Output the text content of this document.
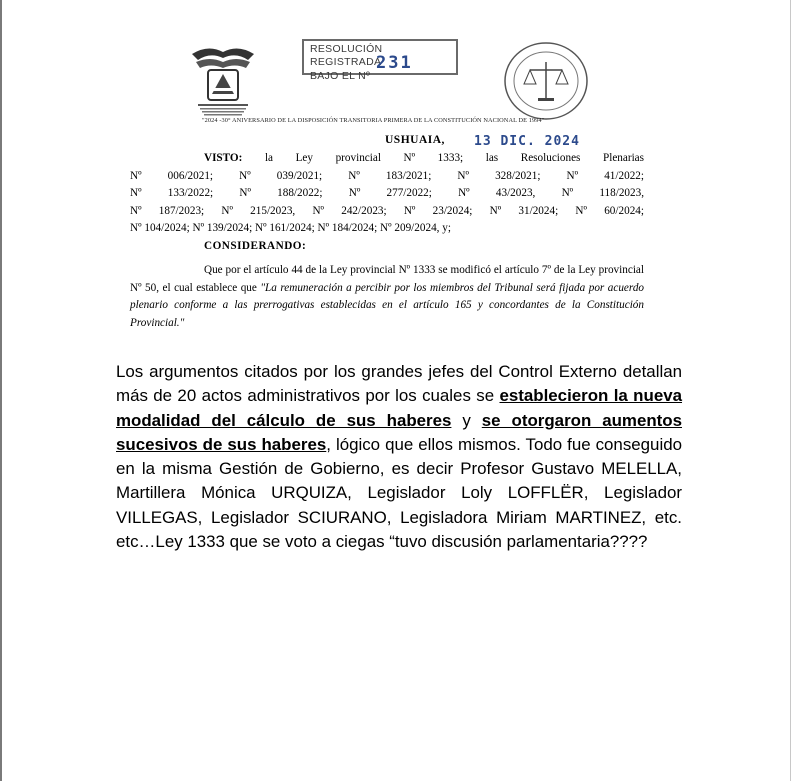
RESOLUCIÓN REGISTRADA
BAJO EL Nº
231
"2024 -30° ANIVERSARIO DE LA DISPOSICIÓN TRANSITORIA PRIMERA DE LA CONSTITUCIÓN NACIONAL DE 1994"
USHUAIA, 13 DIC. 2024
VISTO: la Ley provincial Nº 1333; las Resoluciones Plenarias
Nº 006/2021; Nº 039/2021; Nº 183/2021; Nº 328/2021; Nº 41/2022;
Nº 133/2022; Nº 188/2022; Nº 277/2022; Nº 43/2023, Nº 118/2023,
Nº 187/2023; Nº 215/2023, Nº 242/2023; Nº 23/2024; Nº 31/2024; Nº 60/2024;
Nº 104/2024; Nº 139/2024; Nº 161/2024; Nº 184/2024; Nº 209/2024, y;
CONSIDERANDO:
Que por el artículo 44 de la Ley provincial Nº 1333 se modificó el artículo 7º de la Ley provincial Nº 50, el cual establece que "La remuneración a percibir por los miembros del Tribunal será fijada por acuerdo plenario conforme a las prerrogativas establecidas en el artículo 165 y concordantes de la Constitución Provincial."
Los argumentos citados por los grandes jefes del Control Externo detallan más de 20 actos administrativos por los cuales se establecieron la nueva modalidad del cálculo de sus haberes y se otorgaron aumentos sucesivos de sus haberes, lógico que ellos mismos. Todo fue conseguido en la misma Gestión de Gobierno, es decir Profesor Gustavo MELELLA, Martillera Mónica URQUIZA, Legislador Loly LOFFLËR, Legislador VILLEGAS, Legislador SCIURANO, Legisladora Miriam MARTINEZ, etc. etc…Ley 1333 que se voto a ciegas “tuvo discusión parlamentaria????
